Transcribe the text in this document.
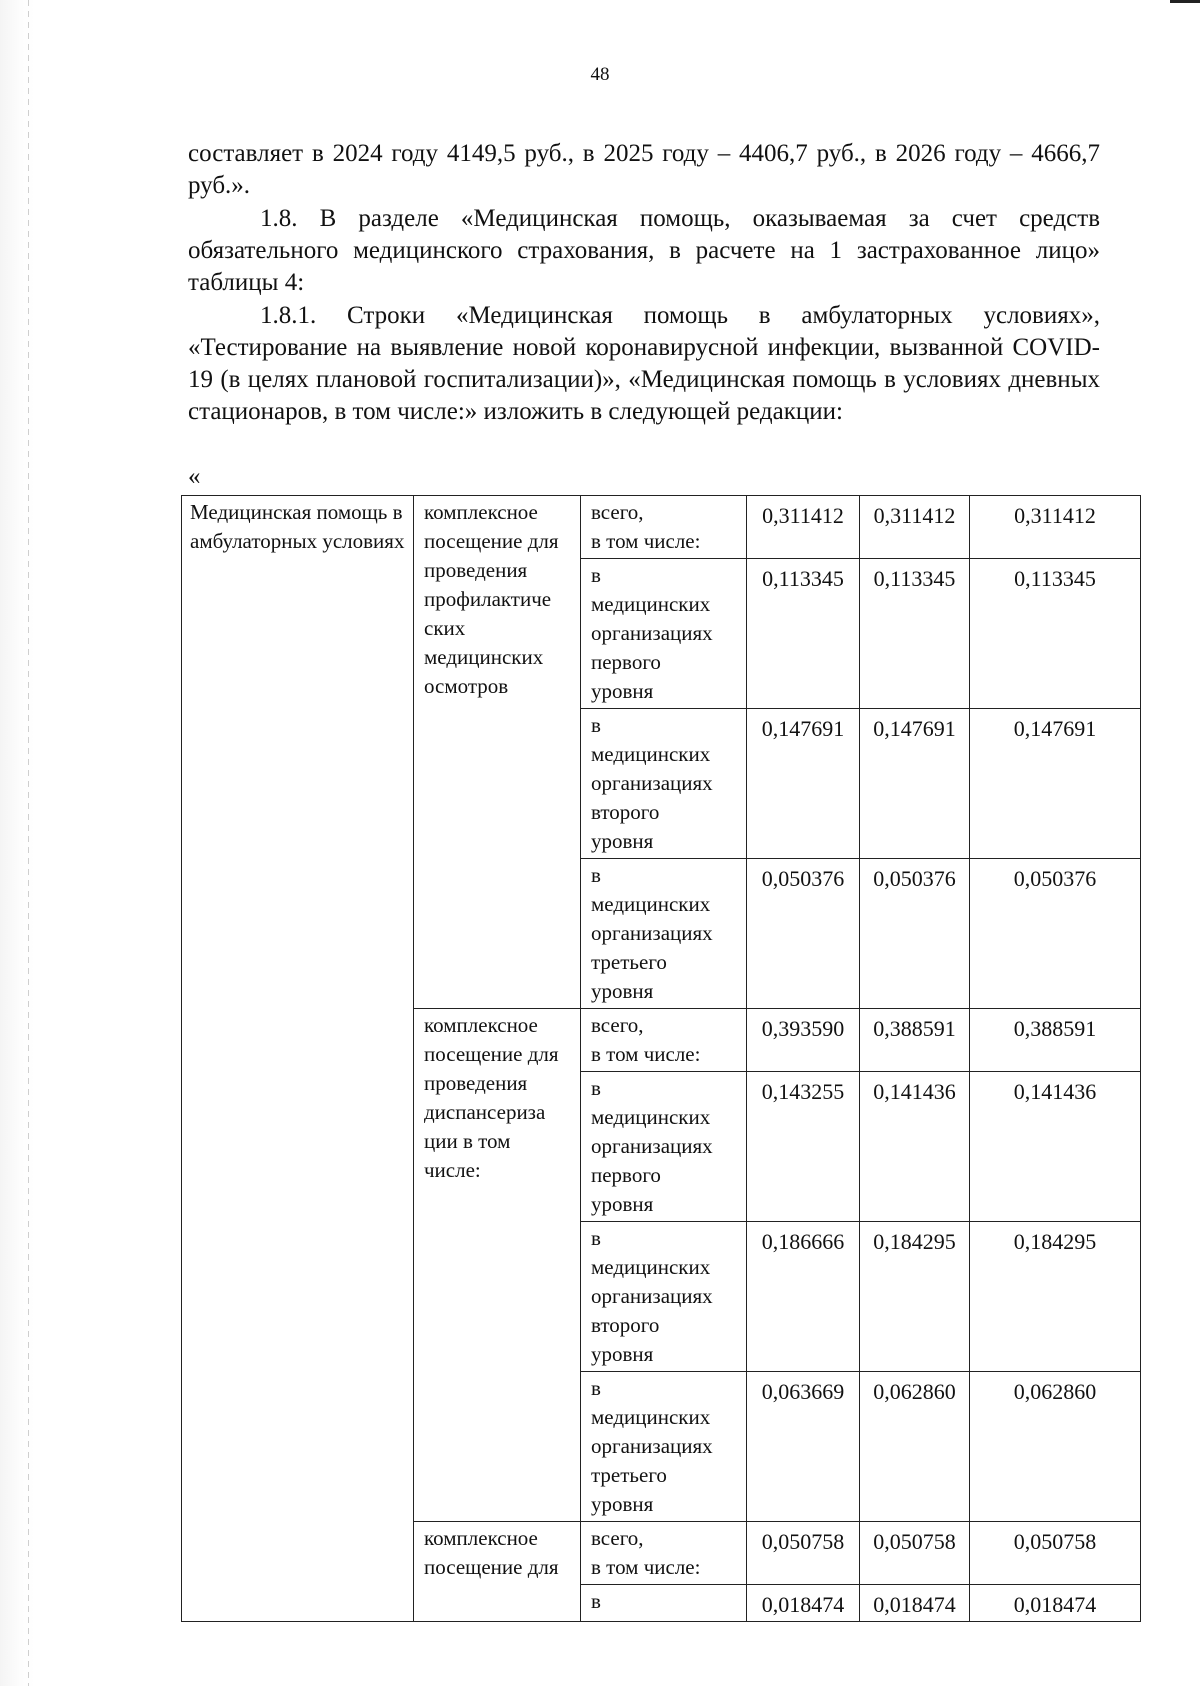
48

составляет в 2024 году 4149,5 руб., в 2025 году – 4406,7 руб., в 2026 году – 4666,7 руб.».

1.8. В разделе «Медицинская помощь, оказываемая за счет средств обязательного медицинского страхования, в расчете на 1 застрахованное лицо» таблицы 4:

1.8.1. Строки «Медицинская помощь в амбулаторных условиях», «Тестирование на выявление новой коронавирусной инфекции, вызванной COVID-19 (в целях плановой госпитализации)», «Медицинская помощь в условиях дневных стационаров, в том числе:» изложить в следующей редакции:

«
Медицинская помощь в амбулаторных условиях	комплексное посещение для проведения профилактиче ских медицинских осмотров	всего,
в том числе:	0,311412	0,311412	0,311412
		в
медицинских
организациях
первого
уровня	0,113345	0,113345	0,113345
		в
медицинских
организациях
второго
уровня	0,147691	0,147691	0,147691
		в
медицинских
организациях
третьего
уровня	0,050376	0,050376	0,050376
	комплексное посещение для проведения диспансериза ции в том числе:	всего,
в том числе:	0,393590	0,388591	0,388591
		в
медицинских
организациях
первого
уровня	0,143255	0,141436	0,141436
		в
медицинских
организациях
второго
уровня	0,186666	0,184295	0,184295
		в
медицинских
организациях
третьего
уровня	0,063669	0,062860	0,062860
	комплексное посещение для	всего,
в том числе:	0,050758	0,050758	0,050758
		в	0,018474	0,018474	0,018474
